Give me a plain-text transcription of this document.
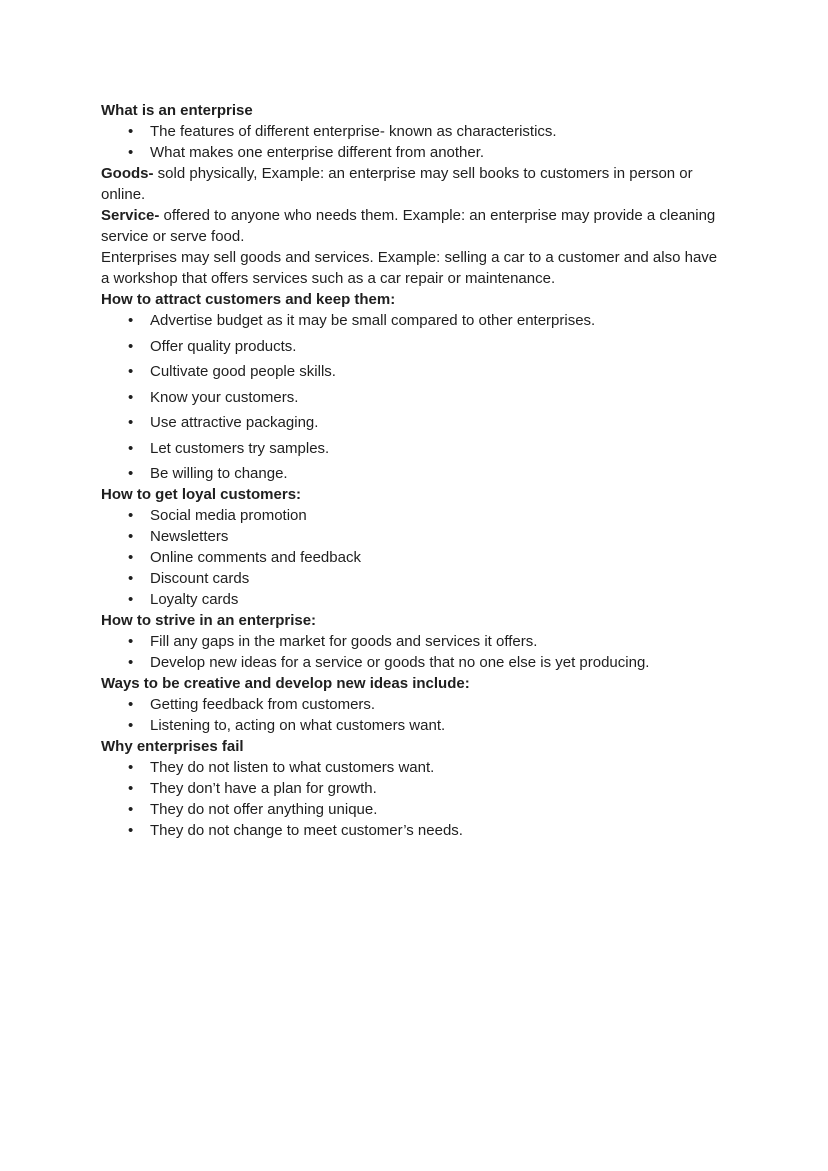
What is an enterprise

•	The features of different enterprise- known as characteristics.
•	What makes one enterprise different from another.

Goods- sold physically, Example: an enterprise may sell books to customers in person or online.

Service- offered to anyone who needs them. Example: an enterprise may provide a cleaning service or serve food.

Enterprises may sell goods and services. Example: selling a car to a customer and also have a workshop that offers services such as a car repair or maintenance.

How to attract customers and keep them:

•	Advertise budget as it may be small compared to other enterprises.
•	Offer quality products.
•	Cultivate good people skills.
•	Know your customers.
•	Use attractive packaging.
•	Let customers try samples.
•	Be willing to change.

How to get loyal customers:

•	Social media promotion
•	Newsletters
•	Online comments and feedback
•	Discount cards
•	Loyalty cards

How to strive in an enterprise:

•	Fill any gaps in the market for goods and services it offers.
•	Develop new ideas for a service or goods that no one else is yet producing.

Ways to be creative and develop new ideas include:

•	Getting feedback from customers.
•	Listening to, acting on what customers want.

Why enterprises fail

•	They do not listen to what customers want.
•	They don’t have a plan for growth.
•	They do not offer anything unique.
•	They do not change to meet customer’s needs.
